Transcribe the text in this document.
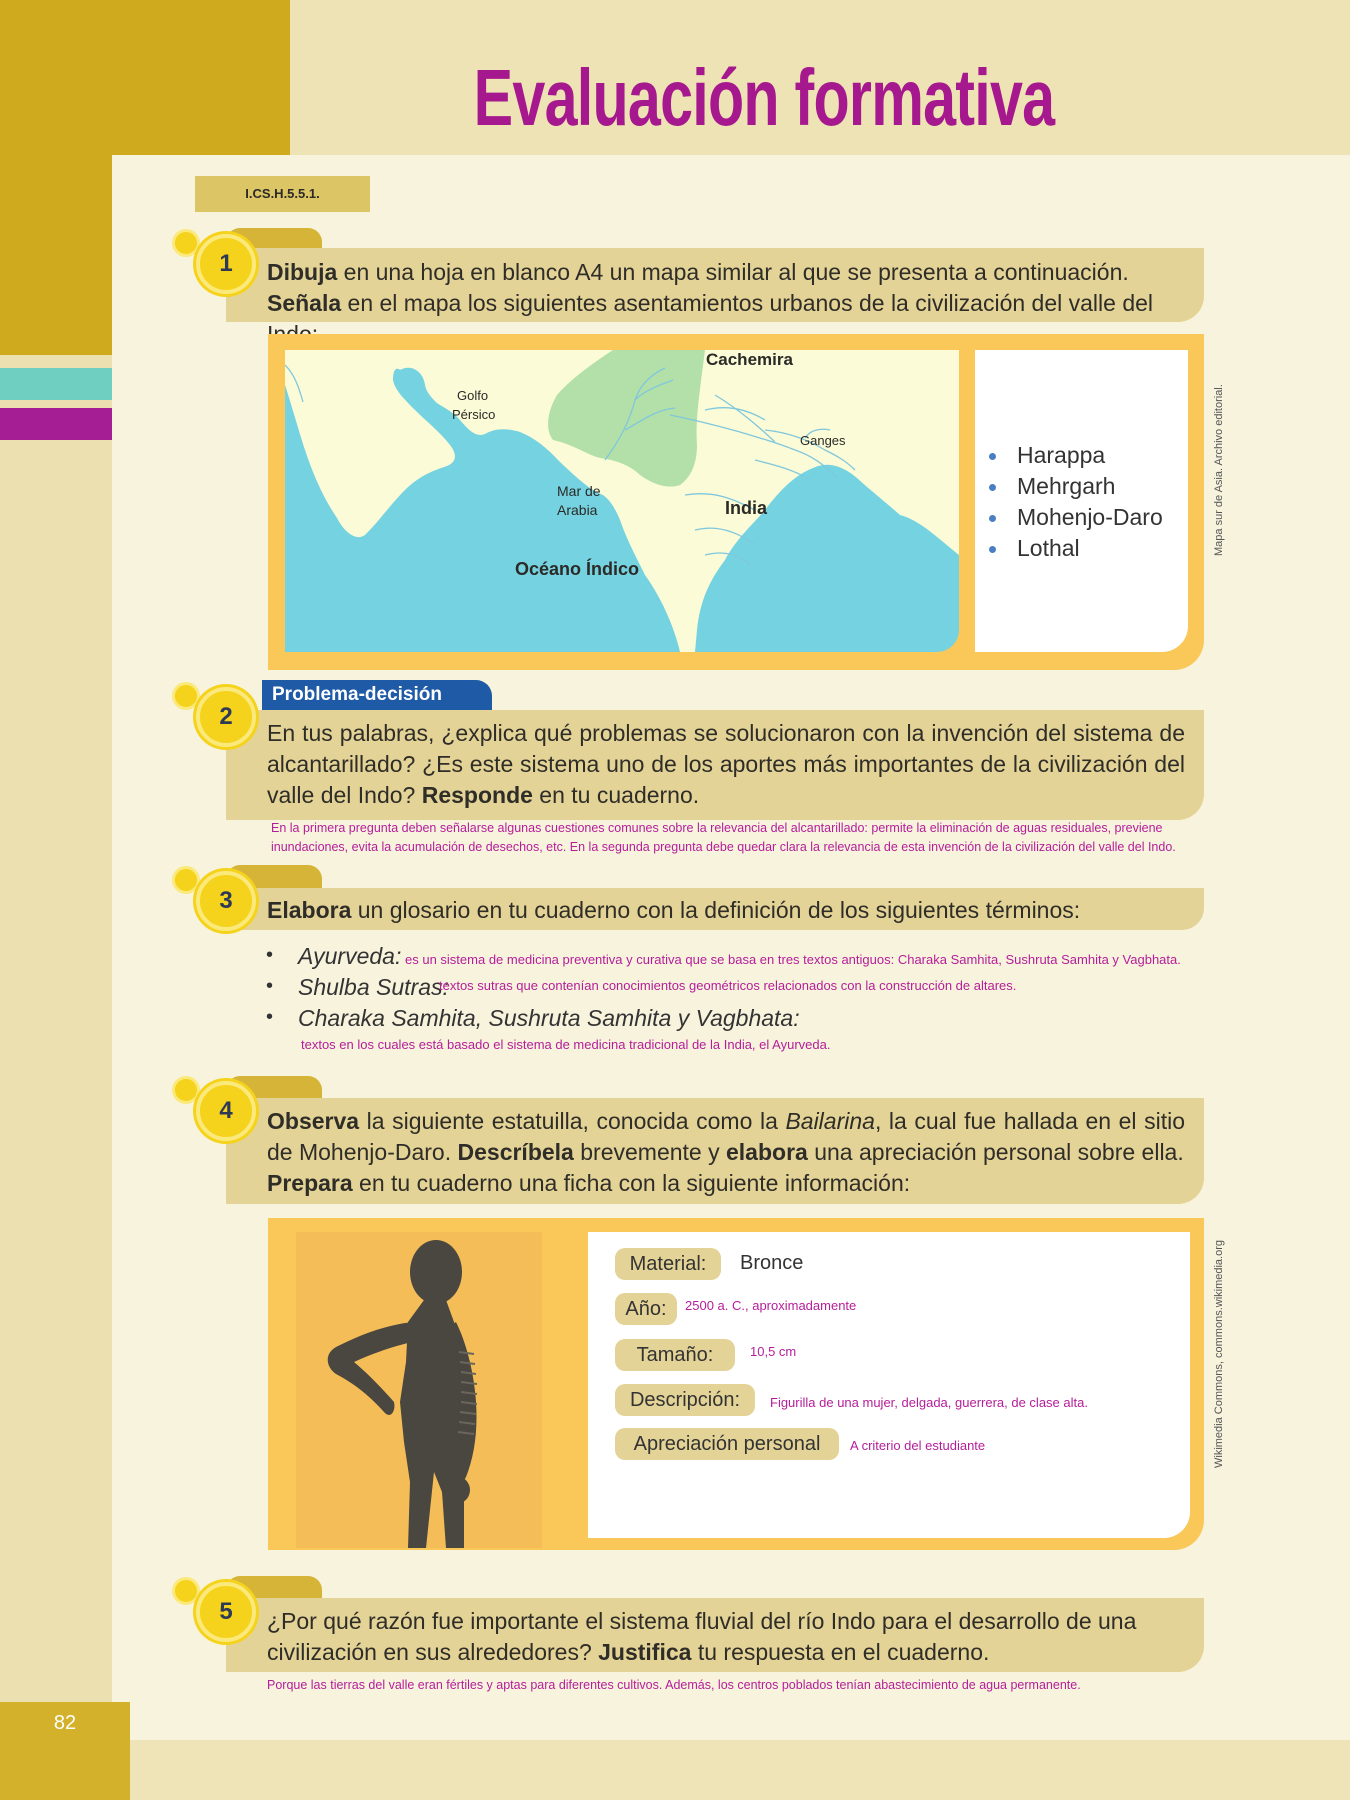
82
Evaluación formativa
I.CS.H.5.5.1.
1	Dibuja en una hoja en blanco A4 un mapa similar al que se presenta a continuación. Señala en el mapa los siguientes asentamientos urbanos de la civilización del valle del
Cachemira
Golfo
Pérsico
Ganges
Mar de
Arabia	India
Océano Índico
Harappa
Mehrgarh
Mohenjo-Daro
Lothal	Mapa sur de Asia. Archivo editorial.
Problema-decisión
2
En tus palabras, ¿explica qué problemas se solucionaron con la invención del sistema de alcantarillado? ¿Es este sistema uno de los aportes más importantes de la civilización del valle del Indo? Responde en tu cuaderno.
En la primera pregunta deben señalarse algunas cuestiones comunes sobre la relevancia del alcantarillado: permite la eliminación de aguas residuales, previene inundaciones, evita la acumulación de desechos, etc. En la segunda pregunta debe quedar clara la relevancia de esta invención de la civilización del valle del Indo.
3	Elabora un glosario en tu cuaderno con la definición de los siguientes términos:
• Ayurveda: es un sistema de medicina preventiva y curativa que se basa en tres textos antiguos: Charaka Samhita, Sushruta Samhita y Vagbhata.
• Shulba Sutras:
textos sutras que contenían conocimientos geométricos relacionados con la construcción de altares.
• Charaka Samhita, Sushruta Samhita y Vagbhata:
textos en los cuales está basado el sistema de medicina tradicional de la India, el Ayurveda.
4	Observa la siguiente estatuilla, conocida como la Bailarina, la cual fue hallada en el sitio de Mohenjo-Daro. Descríbela brevemente y elabora una apreciación personal sobre ella.
Prepara en tu cuaderno una ficha con la siguiente información:
Material:	Bronce
Año:	2500 a. C., aproximadamente
Tamaño:	10,5 cm
Descripción:	Figurilla de una mujer, delgada, guerrera, de clase alta.
Apreciación personal	A criterio del estudiante	Wikimedia Commons, commons.wikimedia.org
5	¿Por qué razón fue importante el sistema fluvial del río Indo para el desarrollo de una civilización en sus alrededores? Justifica tu respuesta en el cuaderno.
Porque las tierras del valle eran fértiles y aptas para diferentes cultivos. Además, los centros poblados tenían abastecimiento de agua permanente.
